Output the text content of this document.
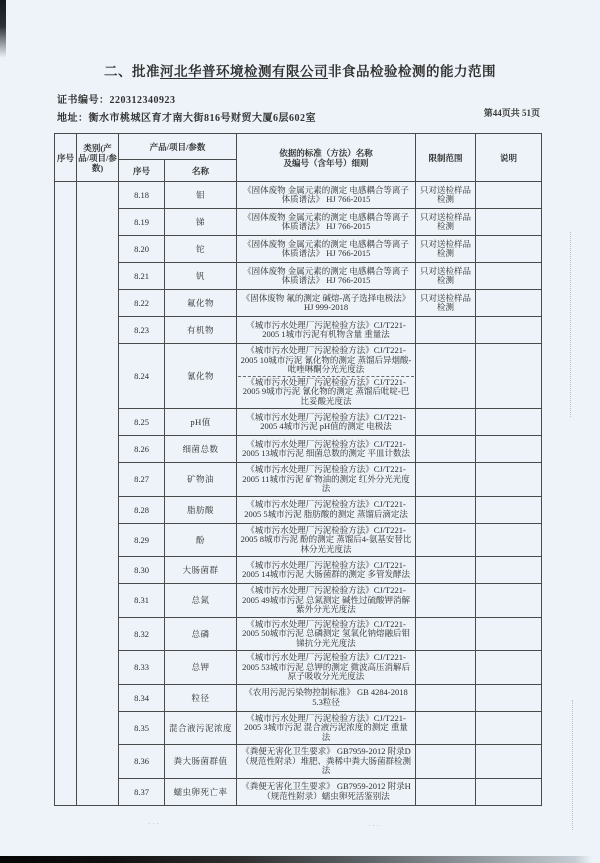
二、批准河北华普环境检测有限公司非食品检验检测的能力范围
证书编号：220312340923
地址：衡水市桃城区育才南大街816号财贸大厦6层602室	第44页共 51页
序号	类别(产品/项目/参数)	产品/项目/参数		依据的标准（方法）名称
及编号（含年号）细则	限制范围	说明
		序号	名称			
		8.18	钼	《固体废物 金属元素的测定 电感耦合等离子体质谱法》 HJ 766-2015	只对送检样品检测	
		8.19	锑	《固体废物 金属元素的测定 电感耦合等离子体质谱法》 HJ 766-2015	只对送检样品检测	
		8.20	铊	《固体废物 金属元素的测定 电感耦合等离子体质谱法》 HJ 766-2015	只对送检样品检测	
		8.21	钒	《固体废物 金属元素的测定 电感耦合等离子体质谱法》 HJ 766-2015	只对送检样品检测	
		8.22	氟化物	《固体废物 氟的测定 碱熔-离子选择电极法》 HJ 999-2018	只对送检样品检测	
		8.23	有机物	《城市污水处理厂污泥检验方法》CJ/T221-2005 1城市污泥有机物含量 重量法		

		8.24	氰化物	《城市污水处理厂污泥检验方法》CJ/T221-2005 10城市污泥 氰化物的测定 蒸馏后异烟酸-吡唑啉酮分光光度法
《城市污水处理厂污泥检验方法》CJ/T221-2005 9城市污泥 氰化物的测定 蒸馏后吡啶-巴比妥酸光度法		

		8.25	pH值	《城市污水处理厂污泥检验方法》CJ/T221-2005 4城市污泥 pH值的测定 电极法		

		8.26	细菌总数	《城市污水处理厂污泥检验方法》CJ/T221-2005 13城市污泥 细菌总数的测定 平皿计数法		

		8.27	矿物油	《城市污水处理厂污泥检验方法》CJ/T221-2005 11城市污泥 矿物油的测定 红外分光光度法		

		8.28	脂肪酸	《城市污水处理厂污泥检验方法》CJ/T221-2005 5城市污泥 脂肪酸的测定 蒸馏后滴定法		

		8.29	酚	《城市污水处理厂污泥检验方法》CJ/T221-2005 8城市污泥 酚的测定 蒸馏后4-氨基安替比林分光光度法		

		8.30	大肠菌群	《城市污水处理厂污泥检验方法》CJ/T221-2005 14城市污泥 大肠菌群的测定 多管发酵法		

		8.31	总氮	《城市污水处理厂污泥检验方法》CJ/T221-2005 49城市污泥 总氮测定 碱性过硫酸钾消解紫外分光光度法		

		8.32	总磷	《城市污水处理厂污泥检验方法》CJ/T221-2005 50城市污泥 总磷测定 氢氧化钠熔融后钼锑抗分光光度法		

		8.33	总钾	《城市污水处理厂污泥检验方法》CJ/T221-2005 53城市污泥 总钾的测定 微波高压消解后原子吸收分光光度法		

		8.34	粒径	《农用污泥污染物控制标准》 GB 4284-2018 5.3粒径		

		8.35	混合液污泥浓度	《城市污水处理厂污泥检验方法》CJ/T221-2005 3城市污泥 混合液污泥浓度的测定 重量法		

		8.36	粪大肠菌群值	《粪便无害化卫生要求》 GB7959-2012 附录D（规范性附录）堆肥、粪稀中粪大肠菌群检测法		

		8.37	蠕虫卵死亡率	《粪便无害化卫生要求》 GB7959-2012 附录H（规范性附录）蠕虫卵死活鉴别法		

···	···
